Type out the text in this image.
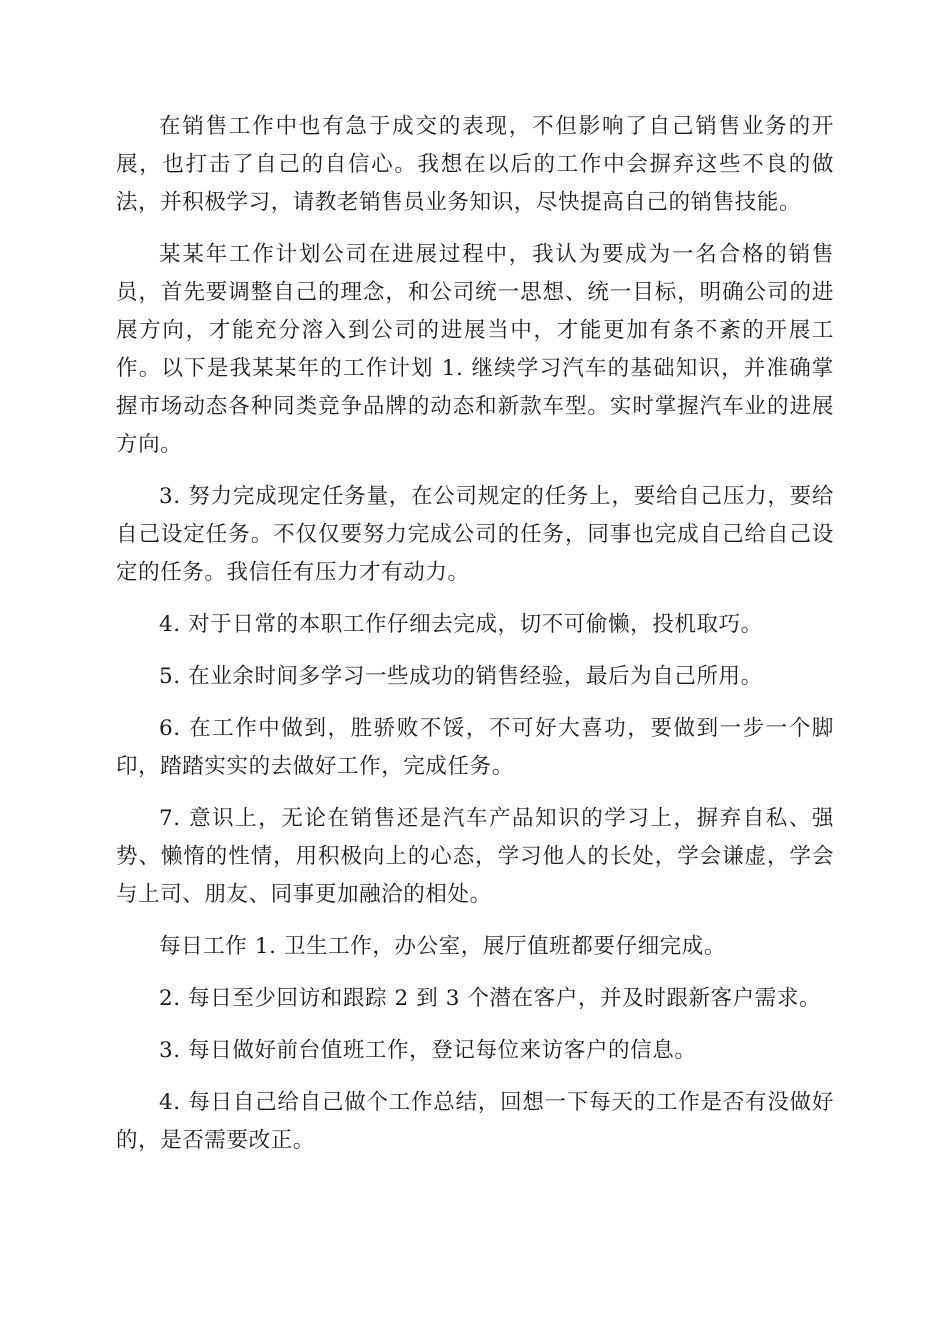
在销售工作中也有急于成交的表现，不但影响了自己销售业务的开展，也打击了自己的自信心。我想在以后的工作中会摒弃这些不良的做法，并积极学习，请教老销售员业务知识，尽快提高自己的销售技能。

某某年工作计划公司在进展过程中，我认为要成为一名合格的销售员，首先要调整自己的理念，和公司统一思想、统一目标，明确公司的进展方向，才能充分溶入到公司的进展当中，才能更加有条不紊的开展工作。以下是我某某年的工作计划 1. 继续学习汽车的基础知识，并准确掌握市场动态各种同类竞争品牌的动态和新款车型。实时掌握汽车业的进展方向。

3. 努力完成现定任务量，在公司规定的任务上，要给自己压力，要给自己设定任务。不仅仅要努力完成公司的任务，同事也完成自己给自己设定的任务。我信任有压力才有动力。

4. 对于日常的本职工作仔细去完成，切不可偷懒，投机取巧。

5. 在业余时间多学习一些成功的销售经验，最后为自己所用。

6. 在工作中做到，胜骄败不馁，不可好大喜功，要做到一步一个脚印，踏踏实实的去做好工作，完成任务。

7. 意识上，无论在销售还是汽车产品知识的学习上，摒弃自私、强势、懒惰的性情，用积极向上的心态，学习他人的长处，学会谦虚，学会与上司、朋友、同事更加融洽的相处。

每日工作 1. 卫生工作，办公室，展厅值班都要仔细完成。

2. 每日至少回访和跟踪 2 到 3 个潜在客户，并及时跟新客户需求。

3. 每日做好前台值班工作，登记每位来访客户的信息。

4. 每日自己给自己做个工作总结，回想一下每天的工作是否有没做好的，是否需要改正。
